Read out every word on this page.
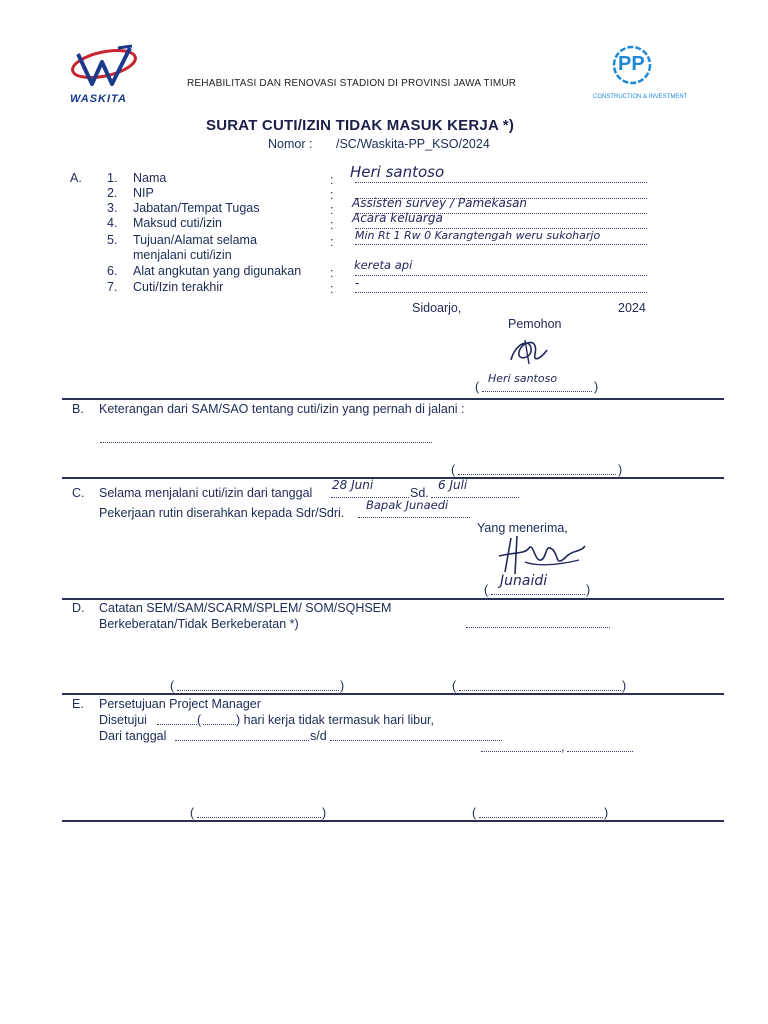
WASKITA
REHABILITASI DAN RENOVASI STADION DI PROVINSI JAWA TIMUR
PP
CONSTRUCTION & INVESTMENT
SURAT CUTI/IZIN TIDAK MASUK KERJA *)
Nomor : /SC/Waskita-PP_KSO/2024
A. 1. Nama	: Heri santoso
2. NIP	:
3. Jabatan/Tempat Tugas	: Assisten survey / Pamekasan
4. Maksud cuti/izin	: Acara keluarga
5. Tujuan/Alamat selama
menjalani cuti/izin
: Min Rt 1 Rw 0 Karangtengah weru sukoharjo
6. Alat angkutan yang digunakan :
kereta api
7. Cuti/Izin terakhir	: -
Sidoarjo,	2024
Pemohon
(
Heri santoso
)
B. Keterangan dari SAM/SAO tentang cuti/izin yang pernah di jalani :
(	)
C. Selama menjalani cuti/izin dari tanggal
28 Juni
Sd.
6 Juli
Pekerjaan rutin diserahkan kepada Sdr/Sdri.
Bapak Junaedi
Yang menerima,
(
Junaidi
)
D. Catatan SEM/SAM/SCARM/SPLEM/ SOM/SQHSEM
Berkeberatan/Tidak Berkeberatan *)
(	)	(	)
E. Persetujuan Project Manager
Disetujui	(	) hari kerja tidak termasuk hari libur,
Dari tanggal	s/d
,
(	)	(	)
